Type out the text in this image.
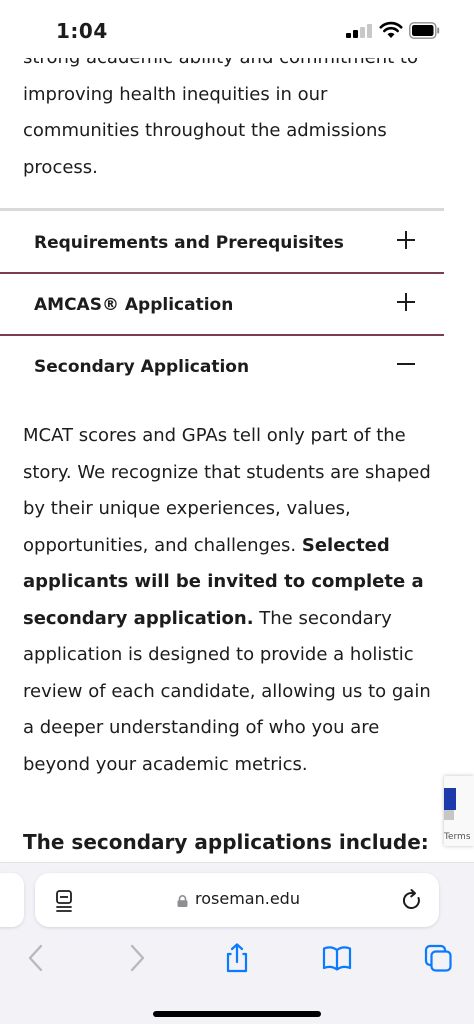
improving health inequities in our communities throughout the admissions process.

Requirements and Prerequisites
AMCAS® Application
Secondary Application

MCAT scores and GPAs tell only part of the story. We recognize that students are shaped by their unique experiences, values, opportunities, and challenges. Selected applicants will be invited to complete a secondary application. The secondary application is designed to provide a holistic review of each candidate, allowing us to gain a deeper understanding of who you are beyond your academic metrics.

The secondary applications include: Terms
1:04
roseman.edu
